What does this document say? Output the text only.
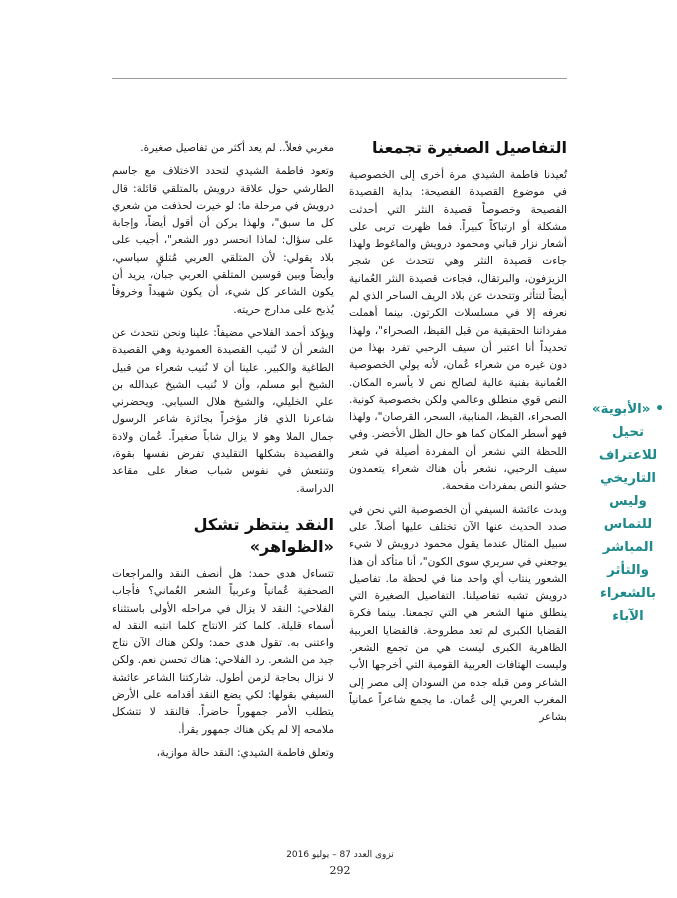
التفاصيل الصغيرة تجمعنا

تُعيدنا فاطمة الشيدي مرة أخرى إلى الخصوصية في موضوع القصيدة الفصيحة: بداية القصيدة الفصيحة وخصوصاً قصيدة النثر التي أحدثت مشكلة أو ارتباكاً كبيراً. فما ظهرت تربى على أشعار نزار قباني ومحمود درويش والماغوط ولهذا جاءت قصيدة النثر وهي تتحدث عن شجر الزيزفون، والبرتقال، فجاءت قصيدة النثر العُمانية أيضاً لتتأثر وتتحدث عن بلاد الريف الساحر الذي لم نعرفه إلا في مسلسلات الكرتون. بينما أهملت مفرداتنا الحقيقية من قبل القيظ، الصحراء"، ولهذا تحديداً أنا اعتبر أن سيف الرحبي تفرد بهذا من دون غيره من شعراء عُمان، لأنه يولي الخصوصية العُمانية بفنية عالية لصالح نص لا يأسره المكان. النص قوي منطلق وعالمي ولكن بخصوصية كونية. الصحراء، القيظ، المنابية، السحر، القرصان"، ولهذا فهو أسطر المكان كما هو حال الظل الأخضر. وفي اللحظة التي نشعر أن المفردة أصيلة في شعر سيف الرحبي، نشعر بأن هناك شعراء يتعمدون حشو النص بمفردات مقحمة.

وبدت عائشة السيفي أن الخصوصية التي نحن في صدد الحديث عنها الآن تختلف عليها أصلاً. على سبيل المثال عندما يقول محمود درويش لا شيء يوجعني في سريري سوى الكون"، أنا متأكد أن هذا الشعور ينتاب أي واحد منا في لحظة ما. تفاصيل درويش تشبه تفاصيلنا. التفاصيل الصغيرة التي ينطلق منها الشعر هي التي تجمعنا. بينما فكرة القضايا الكبرى لم تعد مطروحة. فالقضايا العربية الظاهرية الكبرى ليست هي من تجمع الشعر. وليست الهتافات العربية القومية التي أخرجها الأب الشاعر ومن قبله جده من السودان إلى مصر إلى المغرب العربي إلى عُمان. ما يجمع شاعراً عمانياً بشاعر

مغربي فعلاً.. لم يعد أكثر من تفاصيل صغيرة.

وتعود فاطمة الشيدي لتحدد الاختلاف مع جاسم الطارشي حول علاقة درويش بالمتلقي قائلة: قال درويش في مرحلة ما: لو خيرت لحذفت من شعري كل ما سبق"، ولهذا يركن أن أقول أيضاً، وإجابة على سؤال: لماذا انحسر دور الشعر"، أجيب على بلاد يقولي: لأن المتلقي العربي مُتلقٍ سياسي، وأيضاً وبين قوسين المتلقي العربي جبان، يريد أن يكون الشاعر كل شيء، أن يكون شهيداً وخروفاً يُذبح على مدارج حريته.

ويؤكد أحمد الفلاحي مضيفاً: علينا ونحن نتحدث عن الشعر أن لا نُنيب القصيدة العمودية وهي القصيدة الطاغية والكبير. علينا أن لا نُنيب شعراء من قبيل الشيخ أبو مسلم، وأن لا نُنيب الشيخ عبدالله بن علي الخليلي، والشيخ هلال السيابي. ويحضرني شاعرنا الذي فاز مؤخراً بجائزة شاعر الرسول جمال الملا وهو لا يزال شاباً صغيراً. عُمان ولادة والقصيدة بشكلها التقليدي تفرض نفسها بقوة، وتنتعش في نفوس شباب صغار على مقاعد الدراسة.

النقد ينتظر تشكل «الظواهر»

تتساءل هدى حمد: هل أنصف النقد والمراجعات الصحفية عُمانياً وعربياً الشعر العُماني؟ فأجاب الفلاحي: النقد لا يزال في مراحله الأولى باستثناء أسماء قليلة. كلما كثر الانتاج كلما انتبه النقد له واعتنى به. تقول هدى حمد: ولكن هناك الآن نتاج جيد من الشعر. رد الفلاحي: هناك تحسن نعم. ولكن لا نزال بحاجة لزمن أطول. شاركتنا الشاعر عائشة السيفي بقولها: لكي يضع النقد أقدامه على الأرض يتطلب الأمر جمهوراً حاضراً. فالنقد لا تتشكل ملامحه إلا لم يكن هناك جمهور يقرأ.

وتعلق فاطمة الشيدي: النقد حالة موازية،

• «الأبوية»
تحيل
للاعتراف
التاريخي
وليس للتماس
المباشر والتأثر
بالشعراء
الآباء
نزوى العدد 87 – يوليو 2016
292
